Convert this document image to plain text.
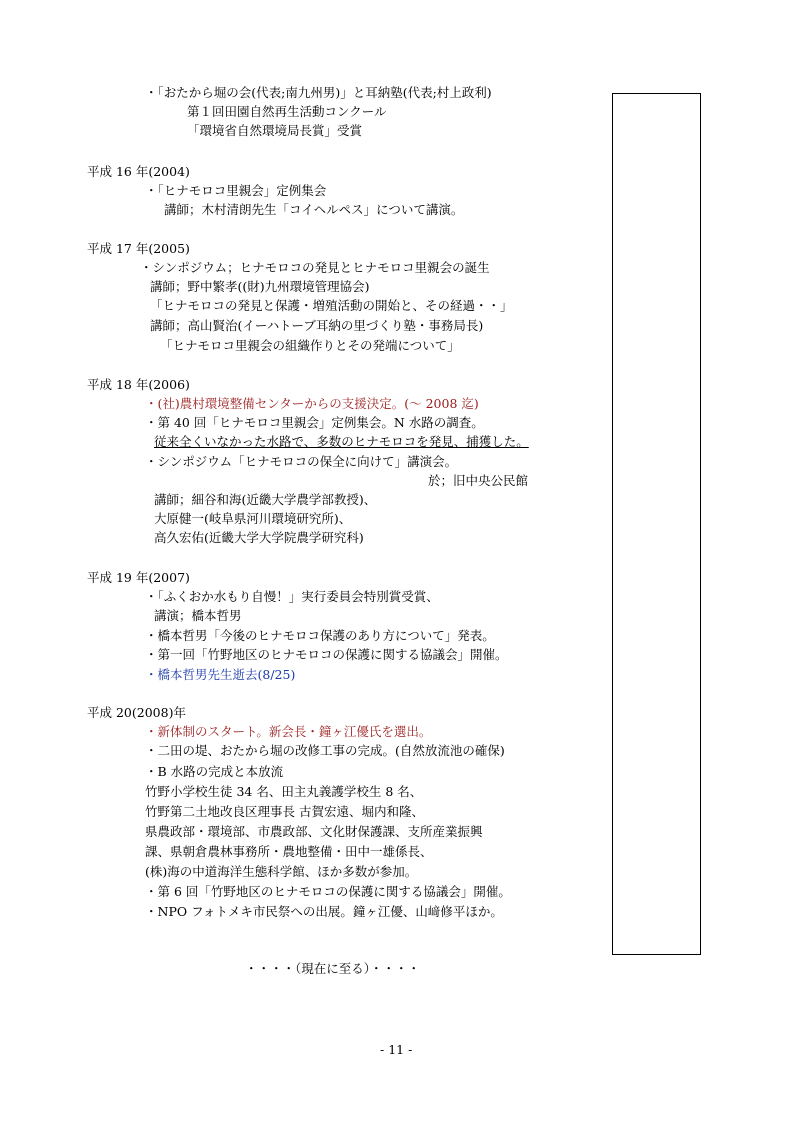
・「おたから堀の会(代表;南九州男)」と耳納塾(代表;村上政利)
第１回田園自然再生活動コンクール
「環境省自然環境局長賞」受賞
平成 16 年(2004)
・「ヒナモロコ里親会」定例集会
講師；木村清朗先生「コイヘルペス」について講演。
平成 17 年(2005)
・シンポジウム；ヒナモロコの発見とヒナモロコ里親会の誕生
講師；野中繁孝((財)九州環境管理協会)
「ヒナモロコの発見と保護・増殖活動の開始と、その経過・・」
講師；高山賢治(イーハトーブ耳納の里づくり塾・事務局長)
「ヒナモロコ里親会の組織作りとその発端について」
平成 18 年(2006)
・(社)農村環境整備センターからの支援決定。(～ 2008 迄)
・第 40 回「ヒナモロコ里親会」定例集会。N 水路の調査。
従来全くいなかった水路で、多数のヒナモロコを発見、捕獲した。
・シンポジウム「ヒナモロコの保全に向けて」講演会。
於；旧中央公民館
講師；細谷和海(近畿大学農学部教授)、
大原健一(岐阜県河川環境研究所)、
高久宏佑(近畿大学大学院農学研究科)
平成 19 年(2007)
・「ふくおか水もり自慢！」実行委員会特別賞受賞、
講演；橋本哲男
・橋本哲男「今後のヒナモロコ保護のあり方について」発表。
・第一回「竹野地区のヒナモロコの保護に関する協議会」開催。
・橋本哲男先生逝去(8/25)
平成 20(2008)年
・新体制のスタート。新会長・鐘ヶ江優氏を選出。
・二田の堤、おたから堀の改修工事の完成。(自然放流池の確保)
・B 水路の完成と本放流
竹野小学校生徒 34 名、田主丸義護学校生 8 名、
竹野第二土地改良区理事長 古賀宏遠、堀内和隆、
県農政部・環境部、市農政部、文化財保護課、支所産業振興
課、県朝倉農林事務所・農地整備・田中一雄係長、
(株)海の中道海洋生態科学館、ほか多数が参加。
・第 6 回「竹野地区のヒナモロコの保護に関する協議会」開催。
・NPO フォトメキ市民祭への出展。鐘ヶ江優、山﨑修平ほか。
・・・・（現在に至る）・・・・
- 11 -
